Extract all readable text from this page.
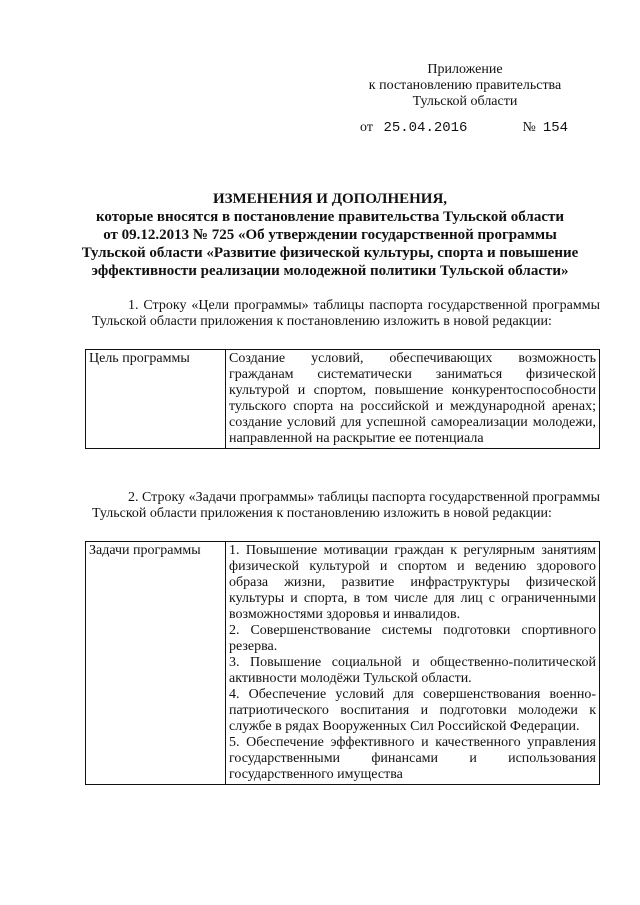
Приложение
к постановлению правительства
Тульской области
от 25.04.2016	№ 154
ИЗМЕНЕНИЯ И ДОПОЛНЕНИЯ,
которые вносятся в постановление правительства Тульской области
от 09.12.2013 № 725 «Об утверждении государственной программы
Тульской области «Развитие физической культуры, спорта и повышение
эффективности реализации молодежной политики Тульской области»
1. Строку «Цели программы» таблицы паспорта государственной программы Тульской области приложения к постановлению изложить в новой редакции:
Цель программы	Создание условий, обеспечивающих возможность гражданам систематически заниматься физической культурой и спортом, повышение конкурентоспособности тульского спорта на российской и международной аренах; создание условий для успешной самореализации молодежи, направленной на раскрытие ее потенциала
2. Строку «Задачи программы» таблицы паспорта государственной программы Тульской области приложения к постановлению изложить в новой редакции:
Задачи программы	1. Повышение мотивации граждан к регулярным занятиям физической культурой и спортом и ведению здорового образа жизни, развитие инфраструктуры физической культуры и спорта, в том числе для лиц с ограниченными возможностями здоровья и инвалидов.
2. Совершенствование системы подготовки спортивного резерва.
3. Повышение социальной и общественно-политической активности молодёжи Тульской области.
4. Обеспечение условий для совершенствования военно-патриотического воспитания и подготовки молодежи к службе в рядах Вооруженных Сил Российской Федерации.
5. Обеспечение эффективного и качественного управления государственными финансами и использования государственного имущества
